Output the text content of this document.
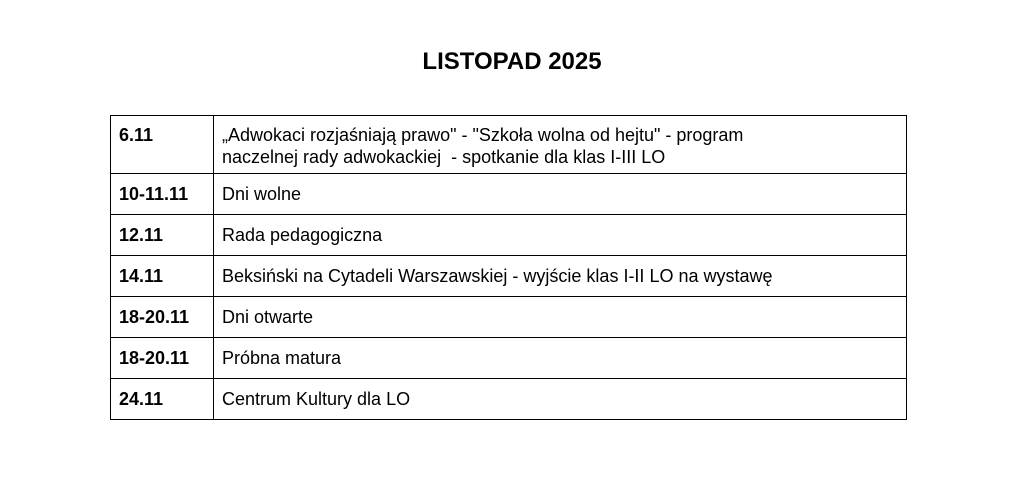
LISTOPAD 2025
6.11	„Adwokaci rozjaśniają prawo" - "Szkoła wolna od hejtu" - program
naczelnej rady adwokackiej  - spotkanie dla klas I-III LO

10-11.11	Dni wolne
12.11	Rada pedagogiczna
14.11	Beksiński na Cytadeli Warszawskiej - wyjście klas I-II LO na wystawę
18-20.11	Dni otwarte
18-20.11	Próbna matura
24.11	Centrum Kultury dla LO
